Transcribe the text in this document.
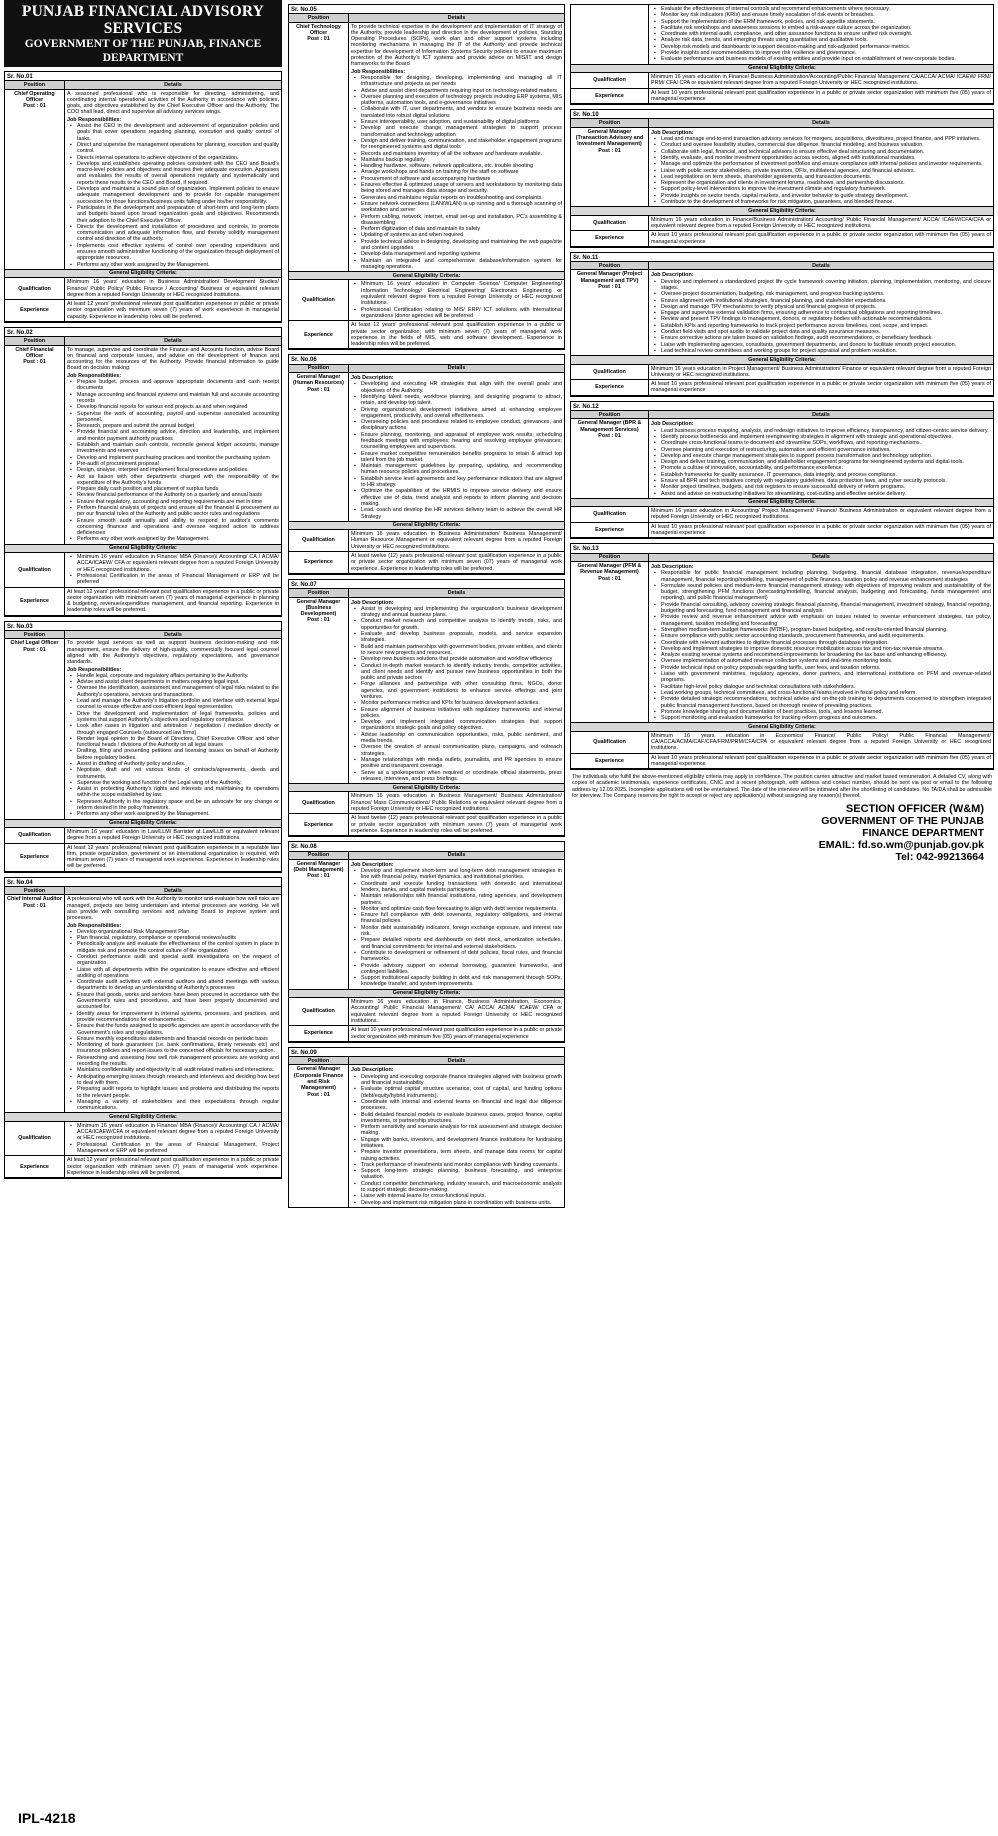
PUNJAB FINANCIAL ADVISORY SERVICES
GOVERNMENT OF THE PUNJAB, FINANCE DEPARTMENT
Sr. No.01
Position	Details
Chief Operating Officer
Post : 01
A seasoned professional who is responsible for directing, administering, and coordinating internal operational activities of the Authority in accordance with policies, goals, and objectives established by the Chief Executive Officer and the Authority. The COO shall lead, direct and supervise all advisory services wings.
Job Responsibilities:
▪ Assist the CEO in the development and achievement of organization policies and goals that cover operations regarding planning, execution and quality control of tasks.
▪ Direct and supervise the management operations for planning, execution and quality control.
▪ Directs internal operations to achieve objectives of the organization.
▪ Develops and establishes operating policies consistent with the CEO and Board's macro-level policies and objectives and insures their adequate execution. Appraises and evaluates the results of overall operations regularly and systematically and reports these results to the CEO and Board, if required.
▪ Develops and maintains a sound plan of organization. Implement policies to ensure adequate management development and to provide for capable management succession for those functions/business units falling under his/her responsibility.
▪ Participates in the development and preparation of short-term and long-term plans and budgets based upon broad organization goals and objectives. Recommends their adoption to the Chief Executive Officer.
▪ Directs the development and installation of procedures and controls, to promote communication and adequate information flow, and thereby solidify management control and direction of the authority.
▪ Implements cost effective systems of control over operating expenditures and ensures smooth administrative functioning of the organization through deployment of appropriate resources.
▪ Performs any other work assigned by the Management.
General Eligibility Criteria:
Qualification
Minimum 16 years' education in Business Administration/ Development Studies/ Finance/ Public Policy/ Public Finance / Accounting/ Business or equivalent relevant degree from a reputed Foreign University or HEC recognized institutions.
Experience
At least 12 years' professional relevant post qualification experience in public or private sector organization with minimum seven (7) years of work experience in managerial capacity. Experience in leadership roles will be preferred.
Sr. No.02
Position	Details
Chief Financial Officer
Post : 01
To manage, supervise and coordinate the Finance and Accounts function, advise Board on financial and corporate issues, and advise on the development of finance and accounting for the resources of the Authority. Provide financial information to guide Board on decision making.
Job Responsibilities:
▪ Prepare budget, process and approve appropriate documents and cash receipt documents
▪ Manage accounting and financial systems and maintain full and accurate accounting records
▪ Develop financial reports for various end projects as and when required
▪ Supervise the work of accounting, payroll and supervise associated accounting personnel.
▪ Research, prepare and submit the annual budget
▪ Provide financial and accounting advice, direction and leadership, and implement and monitor payment authority practices
▪ Establish and maintain cash controls, reconcile general ledger accounts, manage investments and reserves
▪ Develop and implement purchasing practices and monitor the purchasing system
▪ Pre-audit of procurement proposal
▪ Design, analyse, interpret and implement fiscal procedures and policies.
▪ Act as liaison with other departments charged with the responsibility of the expenditure of the Authority's funds
▪ Prepare daily cash position and placement of surplus funds
▪ Review financial performance of the Authority on a quarterly and annual basis
▪ Ensure that regulatory, accounting and reporting requirements are met in time
▪ Perform financial analysis of projects and ensure all the financial & procurement as per our financial rules of the Authority and public sector rules and regulations
▪ Ensure smooth audit annually and ability to respond to auditor's comments concerning finances and operations and oversee required action to address deficiencies
▪ Performs any other work assigned by the Management.
General Eligibility Criteria:
Qualification
▪ Minimum 16 years' education in Finance/ MBA (Finance)/ Accounting/ CA / ACMA/ ACCA/ICAEW/ CFA or equivalent relevant degree from a reputed Foreign University or HEC recognized institutions.
▪ Professional Certification in the areas of Financial Management or ERP will be preferred
Experience
At least 12 years' professional relevant post qualification experience in a public or private sector organization with minimum seven (7) years of managerial experience in planning & budgeting, revenue/expenditure management, and financial reporting. Experience in leadership roles will be preferred.
Sr. No.03
Position	Details
Chief Legal Officer
Post : 01
To provide legal services as well as support business decision-making and risk management, ensure the delivery of high-quality, commercially focused legal counsel aligned with the Authority's objectives, regulatory expectations, and governance standards.
Job Responsibilities:
▪ Handle legal, corporate and regulatory affairs pertaining to the Authority.
▪ Advise and assist client departments in matters requiring legal input.
▪ Oversee the identification, assessment and management of legal risks related to the Authority's operations, services and transactions.
▪ Lead and manage the Authority's litigation portfolio and interface with external legal counsel to ensure effective and cost-efficient legal representation.
▪ Drive the development and implementation of legal frameworks, policies and systems that support Authority's objectives and regulatory compliance.
▪ Look after cases in litigation and arbitration / negotiation / mediation directly or through engaged Counsels (outsourced law firms)
▪ Render legal opinion to the Board of Directors, Chief Executive Officer and other functional heads / divisions of the Authority on all legal issues
▪ Drafting, filing and presenting petitions and licensing issues on behalf of Authority before regulatory bodies.
▪ Assist in drafting of Authority policy and rules.
▪ Negotiate, draft and vet various kinds of contracts/agreements, deeds and instruments.
▪ Supervise the working and function of the Legal wing of the Authority.
▪ Assist in protecting Authority's rights and interests and maintaining its operations within the scope established by law.
▪ Represent Authority in the regulatory space and be an advocate for any change or reform desired in the policy framework.
▪ Performs any other work assigned by the Management.
General Eligibility Criteria:
Qualification
Minimum 16 years' education in Law/LLM/ Barrister at Law/LLB or equivalent relevant degree from a reputed Foreign University or HEC recognized institutions.
Experience
At least 12 years' professional relevant post qualification experience in a reputable law firm, private organization, government or an international organization is required, with minimum seven (7) years of managerial work experience. Experience in leadership roles will be preferred.
Sr. No.04
Position	Details
Chief Internal Auditor
Post : 01
A professional who will work with the Authority to monitor and evaluate how well risks are managed, projects are being undertaken and internal processes are working. He will also provide with consulting services and advising Board to improve system and processes.
Job Responsibilities:
▪ Develop organizational Risk Management Plan
▪ Plan financial, regulatory, compliance or operational reviews/audits
▪ Periodically analyze and evaluate the effectiveness of the control system in place to mitigate risk and promote the control culture of the organization
▪ Conduct performance audit and special audit investigations on the request of organization
▪ Liaise with all departments within the organization to ensure effective and efficient auditing of operations
▪ Coordinate audit activities with external auditors and attend meetings with various departments to develop an understanding of Authority's processes
▪ Ensure that goods, works and services have been procured in accordance with the Government's rules and procedures, and have been properly documented and accounted for.
▪ Identify areas for improvement in internal systems, processes, and practices, and provide recommendations for enhancements.
▪ Ensure that the funds assigned to specific agencies are spent in accordance with the Government's rules and regulations.
▪ Ensure monthly expenditures statements and financial records on periodic basis
▪ Monitoring of bank guarantees (i.e. bank confirmations, timely renewals etc) and insurance policies and report issues to the concerned officials for necessary action.
▪ Researching and assessing how well risk management processes are working and recording the results.
▪ Maintains confidentiality and objectivity in all audit related matters and interactions.
▪ Anticipating emerging issues through research and interviews and deciding how best to deal with them.
▪ Preparing audit reports to highlight issues and problems and distributing the reports to the relevant people.
▪ Managing a variety of stakeholders and their expectations through regular communications.
General Eligibility Criteria:
Qualification
▪ Minimum 16 years' education in Finance/ MBA (Finance)/ Accounting/ CA / ACMA/ ACCA/ICAEW/CFA or equivalent relevant degree from a reputed Foreign University or HEC recognized institutions.
▪ Professional Certification in the areas of Financial Management, Project Management or ERP will be preferred
Experience
At least 12 years' professional relevant post qualification experience in a public or private sector organization with minimum seven (7) years of managerial work experience. Experience in leadership roles will be preferred.
Sr. No.05
Position	Details
Chief Technology Officer
Post : 01
To provide technical expertise in the development and implementation of IT strategy of the Authority, provide leadership and direction in the development of policies, Standing Operating Procedures (SOPs), work plan and other support systems including monitoring mechanisms in managing the IT of the Authority and provide technical expertise for development of Information Systems Security policies to ensure maximum protection of the Authority's ICT systems and provide advice on MIS/IT and design frameworks to the Board
Job Responsibilities:
▪ Responsible for designing, developing, implementing and managing all IT infrastructure and projects as per needs
▪ Advise and assist client departments requiring input on technology-related matters
▪ Oversee planning and execution of technology projects including ERP systems, MIS platforms, automation tools, and e-governance initiatives
▪ Collaborate with IT, user departments, and vendors to ensure business needs are translated into robust digital solutions
▪ Ensure interoperability, user adoption, and sustainability of digital platforms
▪ Develop and execute change management strategies to support process transformation and technology adoption
▪ Design and deliver training, communication, and stakeholder engagement programs for reengineered systems and digital tools
▪ Records and maintains inventory of all the software and hardware available.
▪ Maintains backup regularly
▪ Handling hardware, software, network applications, etc. trouble shooting
▪ Arrange workshops and hands on training for the staff on software
▪ Procurement of software and accompanying hardware
▪ Ensures effective & optimized usage of servers and workstations by monitoring data being stored and manages data storage and security.
▪ Generates and maintains regular reports on troubleshooting and complaints.
▪ Ensure network connections (LAN/WLAN) is up running and a thorough scanning of workstation and server
▪ Perform cabling, network, internet, email set-up and installation, PC's assembling & disassembling
▪ Perform digitization of data and maintain its safety
▪ Updating of systems as and when required
▪ Provide technical advice in designing, developing and maintaining the web page/site and content upgrades
▪ Develop data management and reporting systems
▪ Maintain an integrated and comprehensive database/information system for managing operations.
General Eligibility Criteria:
Qualification
▪ Minimum 16 years' education in Computer Science/ Computer Engineering/ Information Technology/ Electrical Engineering/ Electronics Engineering or equivalent relevant degree from a reputed Foreign University or HEC recognized institutions.
▪ Professional Certification relating to MIS/ ERP/ ICT solutions with international organizations (donor agencies will be preferred
Experience
At least 12 years' professional relevant post qualification experience in a public or private sector organization; with minimum seven (7) years of managerial work experience in the fields of MIS, web and software development. Experience in leadership roles will be preferred.
Sr. No.06
Position	Details
General Manager (Human Resources)
Post : 01
Job Description:
▪ Developing and executing HR strategies that align with the overall goals and objectives of the Authority.
▪ Identifying talent needs, workforce planning, and designing programs to attract, retain, and develop top talent.
▪ Driving organizational development initiatives aimed at enhancing employee engagement, productivity, and overall effectiveness.
▪ Overseeing policies and procedures related to employee conduct, grievances, and disciplinary actions.
▪ Ensure planning, monitoring, and appraisal of employee work results; scheduling feedback meetings with employees; hearing and resolving employee grievances; counselling employees and supervisors.
▪ Ensure market competitive remuneration benefits programs to retain & attract top talent from the job market.
▪ Maintain management guidelines by preparing, updating, and recommending human resource policies and procedures.
▪ Establish service level agreements and key performance indicators that are aligned to HR strategy.
▪ Optimize the capabilities of the HRMIS to improve service delivery and ensure effective use of data, trend analysis and reports to inform planning and decision making.
▪ Lead, coach and develop the HR services delivery team to achieve the overall HR Strategy
General Eligibility Criteria:
Qualification
Minimum 16 years education in Business Administration/ Business Management/ Human Resource Management or equivalent relevant degree from a reputed Foreign University or HEC recognized institutions.
Experience
At least twelve (12) years professional relevant post qualification experience in a public or private sector organization with minimum seven (07) years of managerial work experience. Experience in leadership roles will be preferred.
Sr. No.07
Position	Details
General Manager (Business Development)
Post : 01
Job Description:
▪ Assist in developing and implementing the organization's business development strategy and annual business plans.
▪ Conduct market research and competitive analysis to identify trends, risks, and opportunities for growth.
▪ Evaluate and develop business proposals, models, and service expansion strategies.
▪ Build and maintain partnerships with government bodies, private entities, and clients to secure new projects and resources.
▪ Develop new business solutions that provide automation and workflow efficiency
▪ Conduct in-depth market research to identify industry trends, competitor activities, and client needs and identify and pursue new business opportunities in both the public and private sectors
▪ Forge alliances and partnerships with other consulting firms, NGOs, donor agencies, and government institutions to enhance service offerings and joint ventures.
▪ Monitor performance metrics and KPIs for business development activities.
▪ Ensure alignment of business initiatives with regulatory frameworks and internal policies.
▪ Develop and implement integrated communication strategies that support organization's strategic goals and policy objectives.
▪ Advise leadership on communication opportunities, risks, public sentiment, and media trends.
▪ Oversee the creation of annual communication plans, campaigns, and outreach strategies.
▪ Manage relationships with media outlets, journalists, and PR agencies to ensure positive and transparent coverage.
▪ Serve as a spokesperson when required or coordinate official statements, press releases, interviews, and press briefings.
General Eligibility Criteria:
Qualification
Minimum 16 years education in Business Management/ Business Administration/ Finance/ Mass Communications/ Public Relations or equivalent relevant degree from a reputed Foreign University or HEC recognized institutions.
Experience
At least twelve (12) years professional relevant post qualification experience in a public or private sector organization with minimum seven (7) years of managerial work experience. Experience in leadership roles will be preferred.
Sr. No.08
Position	Details
General Manager (Debt Management)
Post : 01
Job Description:
▪ Develop and implement short-term and long-term debt management strategies in line with financial policy, market dynamics, and institutional priorities.
▪ Coordinate and execute funding transactions with domestic and international lenders, banks, and capital markets participants.
▪ Maintain relationships with financial institutions, rating agencies, and development partners.
▪ Monitor and optimize cash flow forecasting to align with debt service requirements.
▪ Ensure full compliance with debt covenants, regulatory obligations, and internal financial policies.
▪ Monitor debt sustainability indicators, foreign exchange exposure, and interest rate risk.
▪ Prepare detailed reports and dashboards on debt stock, amortization schedules, and financial commitments for internal and external stakeholders.
▪ Contribute to development or refinement of debt policies, fiscal rules, and financial frameworks.
▪ Provide advisory support on external borrowing, guarantee frameworks, and contingent liabilities.
▪ Support institutional capacity building in debt and risk management through SOPs, knowledge transfer, and system improvements.
General Eligibility Criteria:
Qualification
Minimum 16 years education in Finance, Business Administration, Economics, Accounting/ Public Financial Management/ CA/ ACCA/ ACMA/ ICAEW/ CFA or equivalent relevant degree from a reputed Foreign University or HEC recognized institutions.
Experience
At least 10 years professional relevant post qualification experience in a public or private sector organization with minimum five (05) years of managerial experience
Sr. No.09
Position	Details
General Manager (Corporate Finance and Risk Management)
Post : 01
Job Description:
▪ Developing and executing corporate finance strategies aligned with business growth and financial sustainability.
▪ Evaluate optimal capital structure scenarios, cost of capital, and funding options (debt/equity/hybrid instruments).
▪ Coordinate with internal and external teams on financial and legal due diligence processes.
▪ Build detailed financial models to evaluate business cases, project finance, capital investments, or partnership structures.
▪ Perform sensitivity and scenario analysis for risk assessment and strategic decision making.
▪ Engage with banks, investors, and development finance institutions for fundraising initiatives.
▪ Prepare investor presentations, term sheets, and manage data rooms for capital raising activities.
▪ Track performance of investments and monitor compliance with funding covenants.
▪ Support long-term strategic planning, business forecasting, and enterprise valuation.
▪ Conduct competitor benchmarking, industry research, and macroeconomic analysis to support strategic decision-making.
▪ Liaise with internal teams for cross-functional inputs.
▪ Develop and implement risk mitigation plans in coordination with business units.
▪ Evaluate the effectiveness of internal controls and recommend enhancements where necessary.
▪ Monitor key risk indicators (KRIs) and ensure timely escalation of risk events or breaches.
▪ Support the implementation of the ERM framework, policies, and risk appetite statements.
▪ Facilitate risk workshops and awareness sessions to embed a risk-aware culture across the organization.
▪ Coordinate with internal audit, compliance, and other assurance functions to ensure unified risk oversight.
▪ Analyze risk data, trends, and emerging threats using quantitative and qualitative tools.
▪ Develop risk models and dashboards to support decision-making and risk-adjusted performance metrics.
▪ Provide insights and recommendations to improve risk resilience and governance.
▪ Evaluate performance and business models of existing entities and provide input on establishment of new corporate bodies.
General Eligibility Criteria:
Qualification
Minimum 16 years education in Finance/ Business Administration/Accounting/Public Financial Management CA/ACCA/ ACMA/ ICAEW/ FRM/ PRM/ CFA/ CPA or equivalent relevant degree from a reputed Foreign University or HEC recognized institutions.
Experience
At least 10 years professional relevant post qualification experience in a public or private sector organization with minimum five (05) years of managerial experience
Sr. No.10
Position	Details
General Manager (Transaction Advisory and Investment Management)
Post : 01
Job Description:
▪ Lead and manage end-to-end transaction advisory services for mergers, acquisitions, divestitures, project finance, and PPP initiatives.
▪ Conduct and oversee feasibility studies, commercial due diligence, financial modeling, and business valuation.
▪ Collaborate with legal, financial, and technical advisors to ensure effective deal structuring and documentation.
▪ Identify, evaluate, and monitor investment opportunities across sectors, aligned with institutional mandates.
▪ Manage and optimize the performance of investment portfolios and ensure compliance with internal policies and investor requirements.
▪ Liaise with public sector stakeholders, private investors, DFIs, multilateral agencies, and financial advisors.
▪ Lead negotiations on term sheets, shareholder agreements, and transaction documents.
▪ Represent the organization and clients in investment forums, roadshows, and partnership discussions.
▪ Support policy-level interventions to improve the investment climate and regulatory framework.
▪ Provide insights on sector trends, capital markets, and investor behavior to guide strategy development.
▪ Contribute to the development of frameworks for risk mitigation, guarantees, and blended finance.
General Eligibility Criteria:
Qualification
Minimum 16 years education in Finance/Business Administration/ Accounting/ Public Financial Management/ ACCA/ ICAEW/CFA/CFA or equivalent relevant degree from a reputed Foreign University or HEC recognized institutions.
Experience
At least 10 years professional relevant post qualification experience in a public or private sector organization with minimum five (05) years of managerial experience
Sr. No.11
Position	Details
General Manager (Project Management and TPV)
Post : 01
Job Description:
▪ Develop and implement a standardized project life cycle framework covering initiation, planning, implementation, monitoring, and closure stages.
▪ Oversee project documentation, budgeting, risk management, and progress tracking systems.
▪ Ensure alignment with institutional strategies, financial planning, and stakeholder expectations.
▪ Design and manage TPV mechanisms to verify physical and financial progress of projects.
▪ Engage and supervise external validation firms, ensuring adherence to contractual obligations and reporting timelines.
▪ Review and present TPV findings to management, donors, or regulatory bodies with actionable recommendations.
▪ Establish KPIs and reporting frameworks to track project performance across timelines, cost, scope, and impact.
▪ Conduct field visits and spot audits to validate project data and quality assurance measures.
▪ Ensure corrective actions are taken based on validation findings, audit recommendations, or beneficiary feedback.
▪ Liaise with implementing agencies, consultants, government departments, and donors to facilitate smooth project execution.
▪ Lead technical review committees and working groups for project appraisal and problem resolution.
General Eligibility Criteria:
Qualification
Minimum 16 years education in Project Management/ Business Administration/ Finance or equivalent relevant degree from a reputed Foreign University or HEC recognized institutions.
Experience
At least 10 years professional relevant post qualification experience in a public or private sector organization with minimum five (05) years of managerial experience
Sr. No.12
Position	Details
General Manager (BPR & Management Services)
Post : 01
Job Description:
▪ Lead business process mapping, analysis, and redesign initiatives to improve efficiency, transparency, and citizen-centric service delivery.
▪ Identify process bottlenecks and implement reengineering strategies in alignment with strategic and operational objectives.
▪ Coordinate cross-functional teams to document and streamline SOPs, workflows, and reporting mechanisms.
▪ Oversee planning and execution of restructuring, automation and efficient governance initiatives.
▪ Develop and execute change management strategies to support process transformation and technology adoption.
▪ Design and deliver training, communication, and stakeholder engagement programs for reengineered systems and digital tools.
▪ Promote a culture of innovation, accountability, and performance excellence.
▪ Establish frameworks for quality assurance, IT governance, data integrity, and process compliance.
▪ Ensure all BPR and tech initiatives comply with regulatory guidelines, data protection laws, and cyber security protocols.
▪ Monitor project timelines, budgets, and risk registers to ensure successful delivery of reform programs.
▪ Assist and advise on restructuring initiatives for streamlining, cost-cutting and effective service delivery.
General Eligibility Criteria:
Qualification
Minimum 16 years education in Accounting/ Project Management/ Finance/ Business Administration or equivalent relevant degree from a reputed Foreign University or HEC recognized institutions.
Experience
At least 10 years professional relevant post qualification experience in a public or private sector organization with minimum five (05) years of managerial experience
Sr. No.13
Position	Details
General Manager (PFM & Revenue Management)
Post : 01
Job Description:
▪ Responsible for public financial management including planning, budgeting, financial database integration, revenue/expenditure management, financial reporting/modelling, management of public finances, taxation policy and revenue enhancement strategies
▪ Formulate sound policies and medium-term financial management strategy with objectives of improving realism and sustainability of the budget, strengthening PFM functions (forecasting/modelling, financial analysis, budgeting and forecasting, funds management and reporting), and public financial management)
▪ Provide financial consulting, advisory covering strategic financial planning, financial management, investment strategy, financial reporting, budgeting and forecasting, fund management and financial analysis.
▪ Provide review and revenue enhancement advice with emphasis on issues related to revenue enhancement strategies, tax policy, management, taxation modelling and forecasting
▪ Strengthen medium-term budget frameworks (MTBF), program-based budgeting, and results-oriented financial planning.
▪ Ensure compliance with public sector accounting standards, procurement frameworks, and audit requirements.
▪ Coordinate with relevant authorities to digitize financial processes through database integration.
▪ Develop and implement strategies to improve domestic resource mobilization across tax and non-tax revenue streams.
▪ Analyze existing revenue systems and recommend improvements for broadening the tax base and enhancing efficiency.
▪ Oversee implementation of automated revenue collection systems and real-time monitoring tools.
▪ Provide technical input on policy proposals regarding tariffs, user fees, and taxation reforms.
▪ Liaise with government ministries, regulatory agencies, donor partners, and international institutions on PFM and revenue-related programs.
▪ Facilitate high-level policy dialogue and technical consultations with stakeholders.
▪ Lead working groups, technical committees, and cross-functional teams involved in fiscal policy and reform.
▪ Provide detailed strategic recommendations, technical advice and on-the-job training to departments concerned to strengthen integrated public financial management functions, based on thorough review of prevailing practices.
▪ Promote knowledge sharing and documentation of best practices, tools, and lessons learned.
▪ Support monitoring and evaluation frameworks for tracking reform progress and outcomes.
General Eligibility Criteria:
Qualification
Minimum 16 years education in Economics/ Finance/ Public Policy/ Public Financial Management/ CA/ACCA/ACMA/CAF/CFA/FRM/PRM/CFA/CPA or equivalent relevant degree from a reputed Foreign University or HEC recognized institutions.
Experience
At least 10 years professional relevant post qualification experience in a public or private sector organization with minimum five (05) years of managerial experience
The individuals who fulfill the above-mentioned eligibility criteria may apply in confidence. The position carries attractive and market based remuneration. A detailed CV, along with copies of academic testimonials, experience certificates, CNIC and a recent photograph, with address and contact number, should be sent via post or email to the following address by 12.09.2025. Incomplete applications will not be entertained. The date of the interview will be intimated after the shortlisting of candidates. No TA/DA shall be admissible for interview. The Company reserves the right to accept or reject any application(s) without assigning any reason(s) thereof.
SECTION OFFICER (W&M)
GOVERNMENT OF THE PUNJAB
FINANCE DEPARTMENT
EMAIL: fd.so.wm@punjab.gov.pk
Tel: 042-99213664
IPL-4218
